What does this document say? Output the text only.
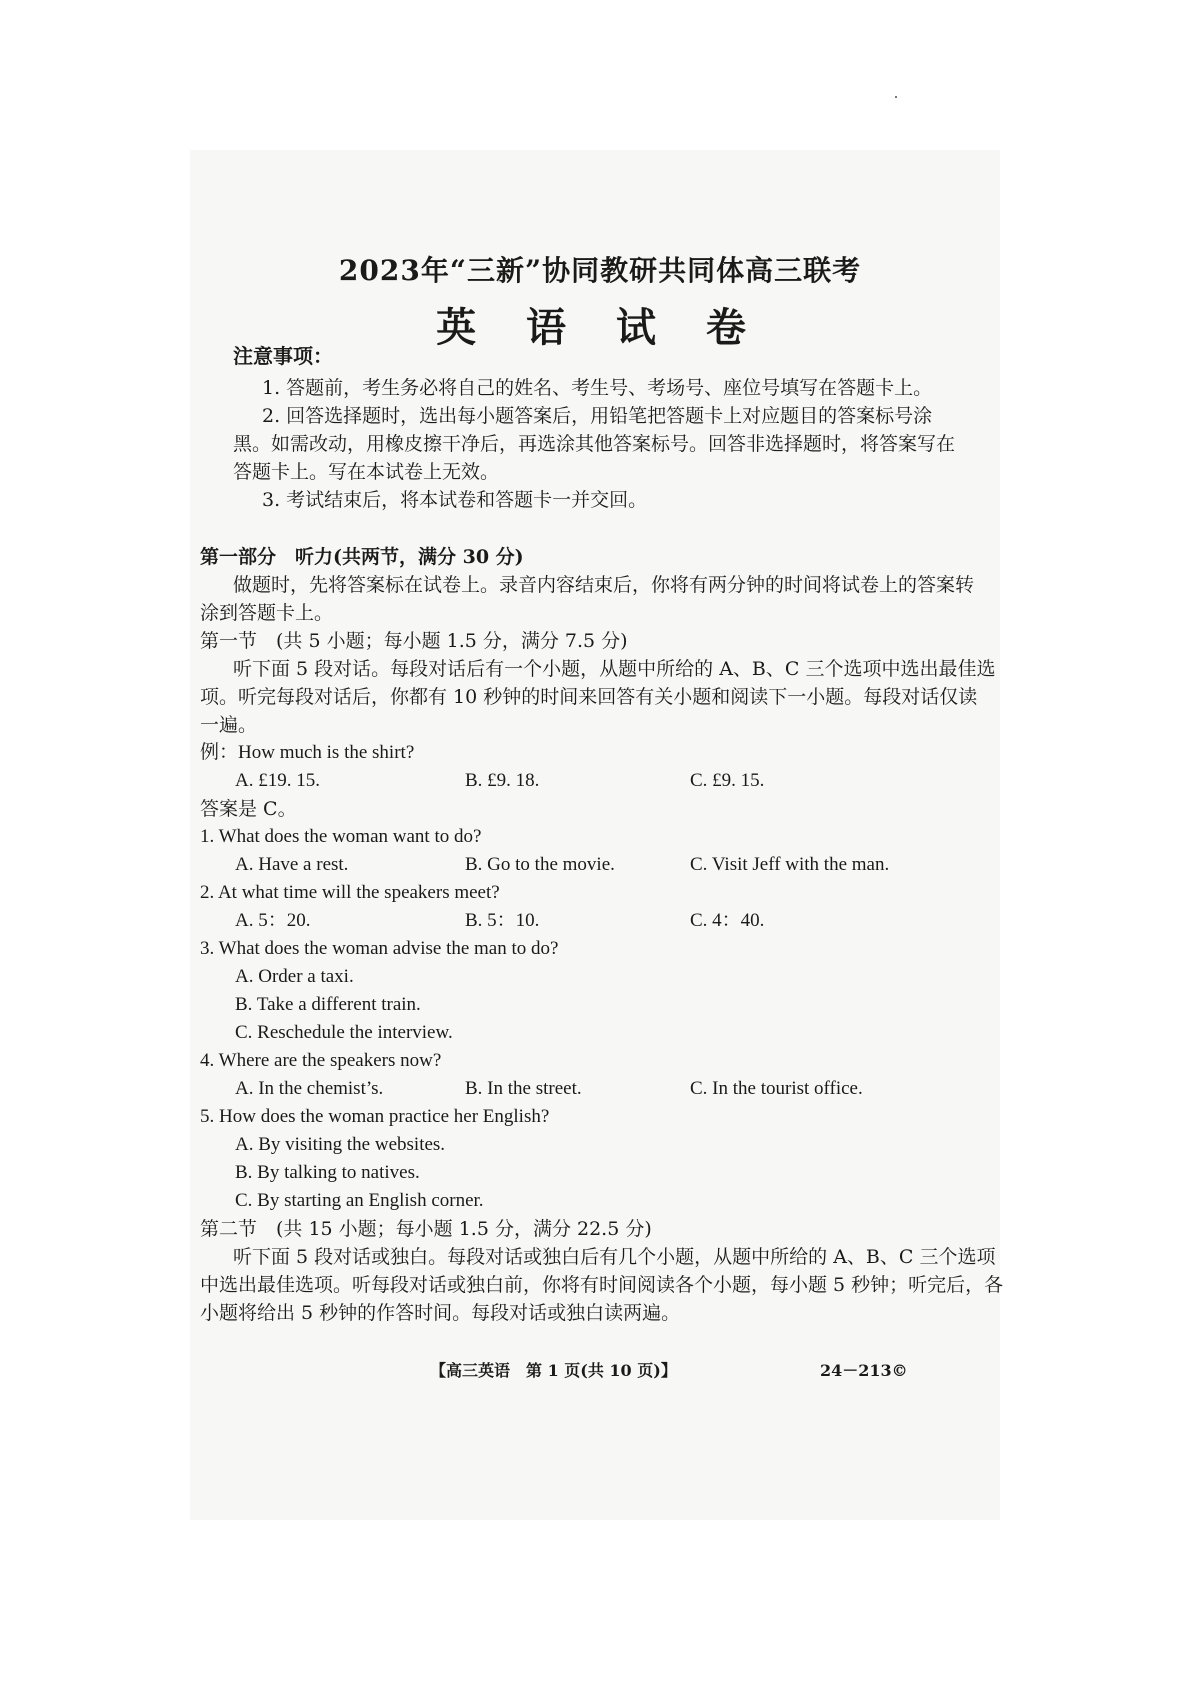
2023年“三新”协同教研共同体高三联考
英 语 试 卷
注意事项：
1. 答题前，考生务必将自己的姓名、考生号、考场号、座位号填写在答题卡上。
2. 回答选择题时，选出每小题答案后，用铅笔把答题卡上对应题目的答案标号涂
黑。如需改动，用橡皮擦干净后，再选涂其他答案标号。回答非选择题时，将答案写在
答题卡上。写在本试卷上无效。
3. 考试结束后，将本试卷和答题卡一并交回。
第一部分　听力(共两节，满分 30 分)
做题时，先将答案标在试卷上。录音内容结束后，你将有两分钟的时间将试卷上的答案转
涂到答题卡上。
第一节　(共 5 小题；每小题 1.5 分，满分 7.5 分)
听下面 5 段对话。每段对话后有一个小题，从题中所给的 A、B、C 三个选项中选出最佳选
项。听完每段对话后，你都有 10 秒钟的时间来回答有关小题和阅读下一小题。每段对话仅读
一遍。
例：How much is the shirt?
A. £19. 15.	B. £9. 18.	C. £9. 15.
答案是 C。
1. What does the woman want to do?
A. Have a rest.	B. Go to the movie.	C. Visit Jeff with the man.
2. At what time will the speakers meet?
A. 5：20.	B. 5：10.	C. 4：40.
3. What does the woman advise the man to do?
A. Order a taxi.
B. Take a different train.
C. Reschedule the interview.
4. Where are the speakers now?
A. In the chemist’s.	B. In the street.	C. In the tourist office.
5. How does the woman practice her English?
A. By visiting the websites.
B. By talking to natives.
C. By starting an English corner.
第二节　(共 15 小题；每小题 1.5 分，满分 22.5 分)
听下面 5 段对话或独白。每段对话或独白后有几个小题，从题中所给的 A、B、C 三个选项
中选出最佳选项。听每段对话或独白前，你将有时间阅读各个小题，每小题 5 秒钟；听完后，各
小题将给出 5 秒钟的作答时间。每段对话或独白读两遍。
【高三英语　第 1 页(共 10 页)】	24－213©
